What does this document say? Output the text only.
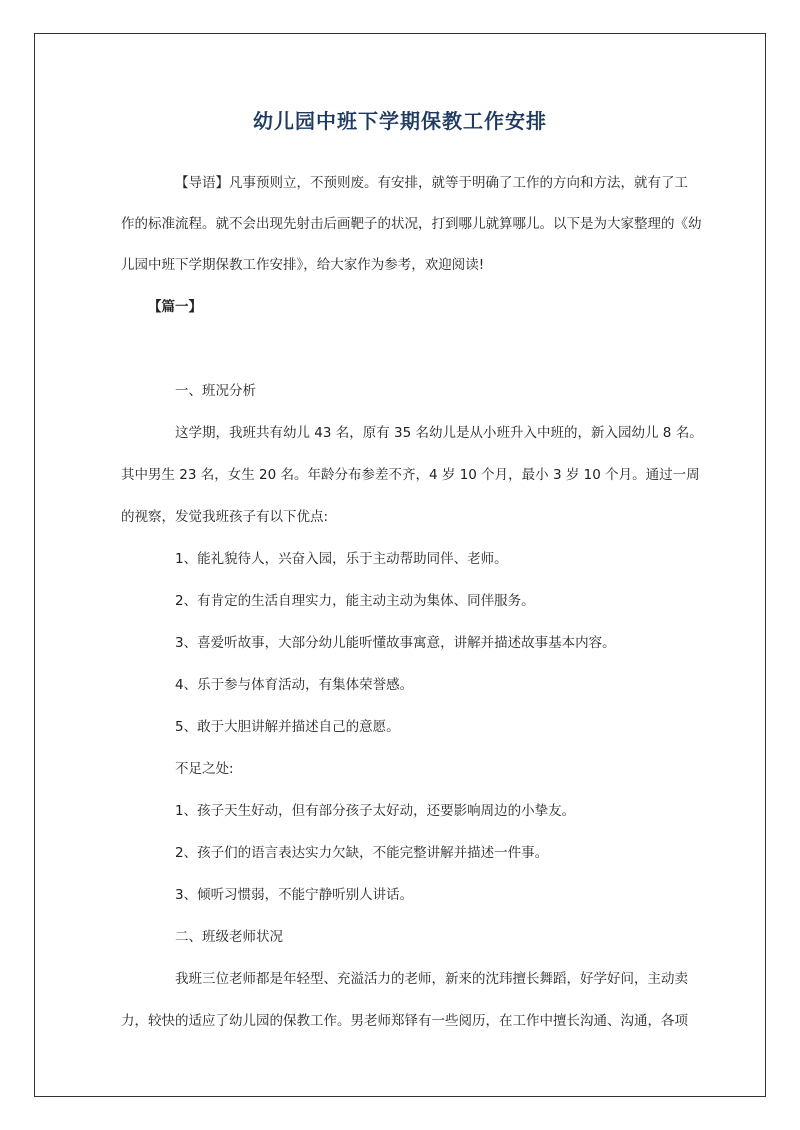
幼儿园中班下学期保教工作安排
【导语】凡事预则立，不预则废。有安排，就等于明确了工作的方向和方法，就有了工
作的标准流程。就不会出现先射击后画靶子的状况，打到哪儿就算哪儿。以下是为大家整理的《幼
儿园中班下学期保教工作安排》，给大家作为参考，欢迎阅读!
【篇一】
一、班况分析
这学期，我班共有幼儿 43 名，原有 35 名幼儿是从小班升入中班的，新入园幼儿 8 名。
其中男生 23 名，女生 20 名。年龄分布参差不齐，4 岁 10 个月，最小 3 岁 10 个月。通过一周
的视察，发觉我班孩子有以下优点:
1、能礼貌待人，兴奋入园，乐于主动帮助同伴、老师。
2、有肯定的生活自理实力，能主动主动为集体、同伴服务。
3、喜爱听故事，大部分幼儿能听懂故事寓意，讲解并描述故事基本内容。
4、乐于参与体育活动，有集体荣誉感。
5、敢于大胆讲解并描述自己的意愿。
不足之处:
1、孩子天生好动，但有部分孩子太好动，还要影响周边的小挚友。
2、孩子们的语言表达实力欠缺，不能完整讲解并描述一件事。
3、倾听习惯弱，不能宁静听别人讲话。
二、班级老师状况
我班三位老师都是年轻型、充溢活力的老师，新来的沈玮擅长舞蹈，好学好问，主动卖
力，较快的适应了幼儿园的保教工作。男老师郑铎有一些阅历，在工作中擅长沟通、沟通，各项
